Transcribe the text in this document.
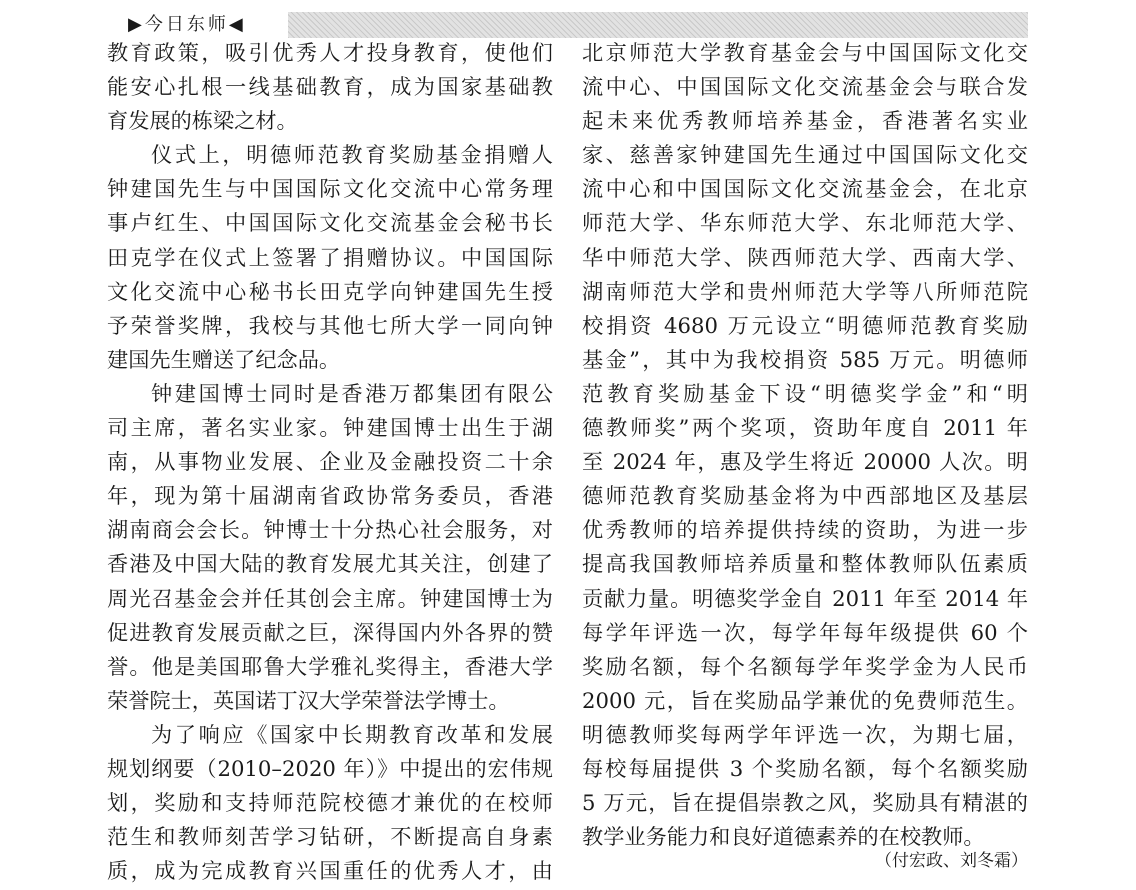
▶今日东师◀
教育政策，吸引优秀人才投身教育，使他们
能安心扎根一线基础教育，成为国家基础教
育发展的栋梁之材。
仪式上，明德师范教育奖励基金捐赠人
钟建国先生与中国国际文化交流中心常务理
事卢红生、中国国际文化交流基金会秘书长
田克学在仪式上签署了捐赠协议。中国国际
文化交流中心秘书长田克学向钟建国先生授
予荣誉奖牌，我校与其他七所大学一同向钟
建国先生赠送了纪念品。
钟建国博士同时是香港万都集团有限公
司主席，著名实业家。钟建国博士出生于湖
南，从事物业发展、企业及金融投资二十余
年，现为第十届湖南省政协常务委员，香港
湖南商会会长。钟博士十分热心社会服务，对
香港及中国大陆的教育发展尤其关注，创建了
周光召基金会并任其创会主席。钟建国博士为
促进教育发展贡献之巨，深得国内外各界的赞
誉。他是美国耶鲁大学雅礼奖得主，香港大学
荣誉院士，英国诺丁汉大学荣誉法学博士。
为了响应《国家中长期教育改革和发展
规划纲要（2010–2020 年）》中提出的宏伟规
划，奖励和支持师范院校德才兼优的在校师
范生和教师刻苦学习钻研，不断提高自身素
质，成为完成教育兴国重任的优秀人才，由
北京师范大学教育基金会与中国国际文化交
流中心、中国国际文化交流基金会与联合发
起未来优秀教师培养基金，香港著名实业
家、慈善家钟建国先生通过中国国际文化交
流中心和中国国际文化交流基金会，在北京
师范大学、华东师范大学、东北师范大学、
华中师范大学、陕西师范大学、西南大学、
湖南师范大学和贵州师范大学等八所师范院
校捐资 4680 万元设立“明德师范教育奖励
基金”，其中为我校捐资 585 万元。明德师
范教育奖励基金下设“明德奖学金”和“明
德教师奖”两个奖项，资助年度自 2011 年
至 2024 年，惠及学生将近 20000 人次。明
德师范教育奖励基金将为中西部地区及基层
优秀教师的培养提供持续的资助，为进一步
提高我国教师培养质量和整体教师队伍素质
贡献力量。明德奖学金自 2011 年至 2014 年
每学年评选一次，每学年每年级提供 60 个
奖励名额，每个名额每学年奖学金为人民币
2000 元，旨在奖励品学兼优的免费师范生。
明德教师奖每两学年评选一次，为期七届，
每校每届提供 3 个奖励名额，每个名额奖励
5 万元，旨在提倡崇教之风，奖励具有精湛的
教学业务能力和良好道德素养的在校教师。
（付宏政、刘冬霜）
